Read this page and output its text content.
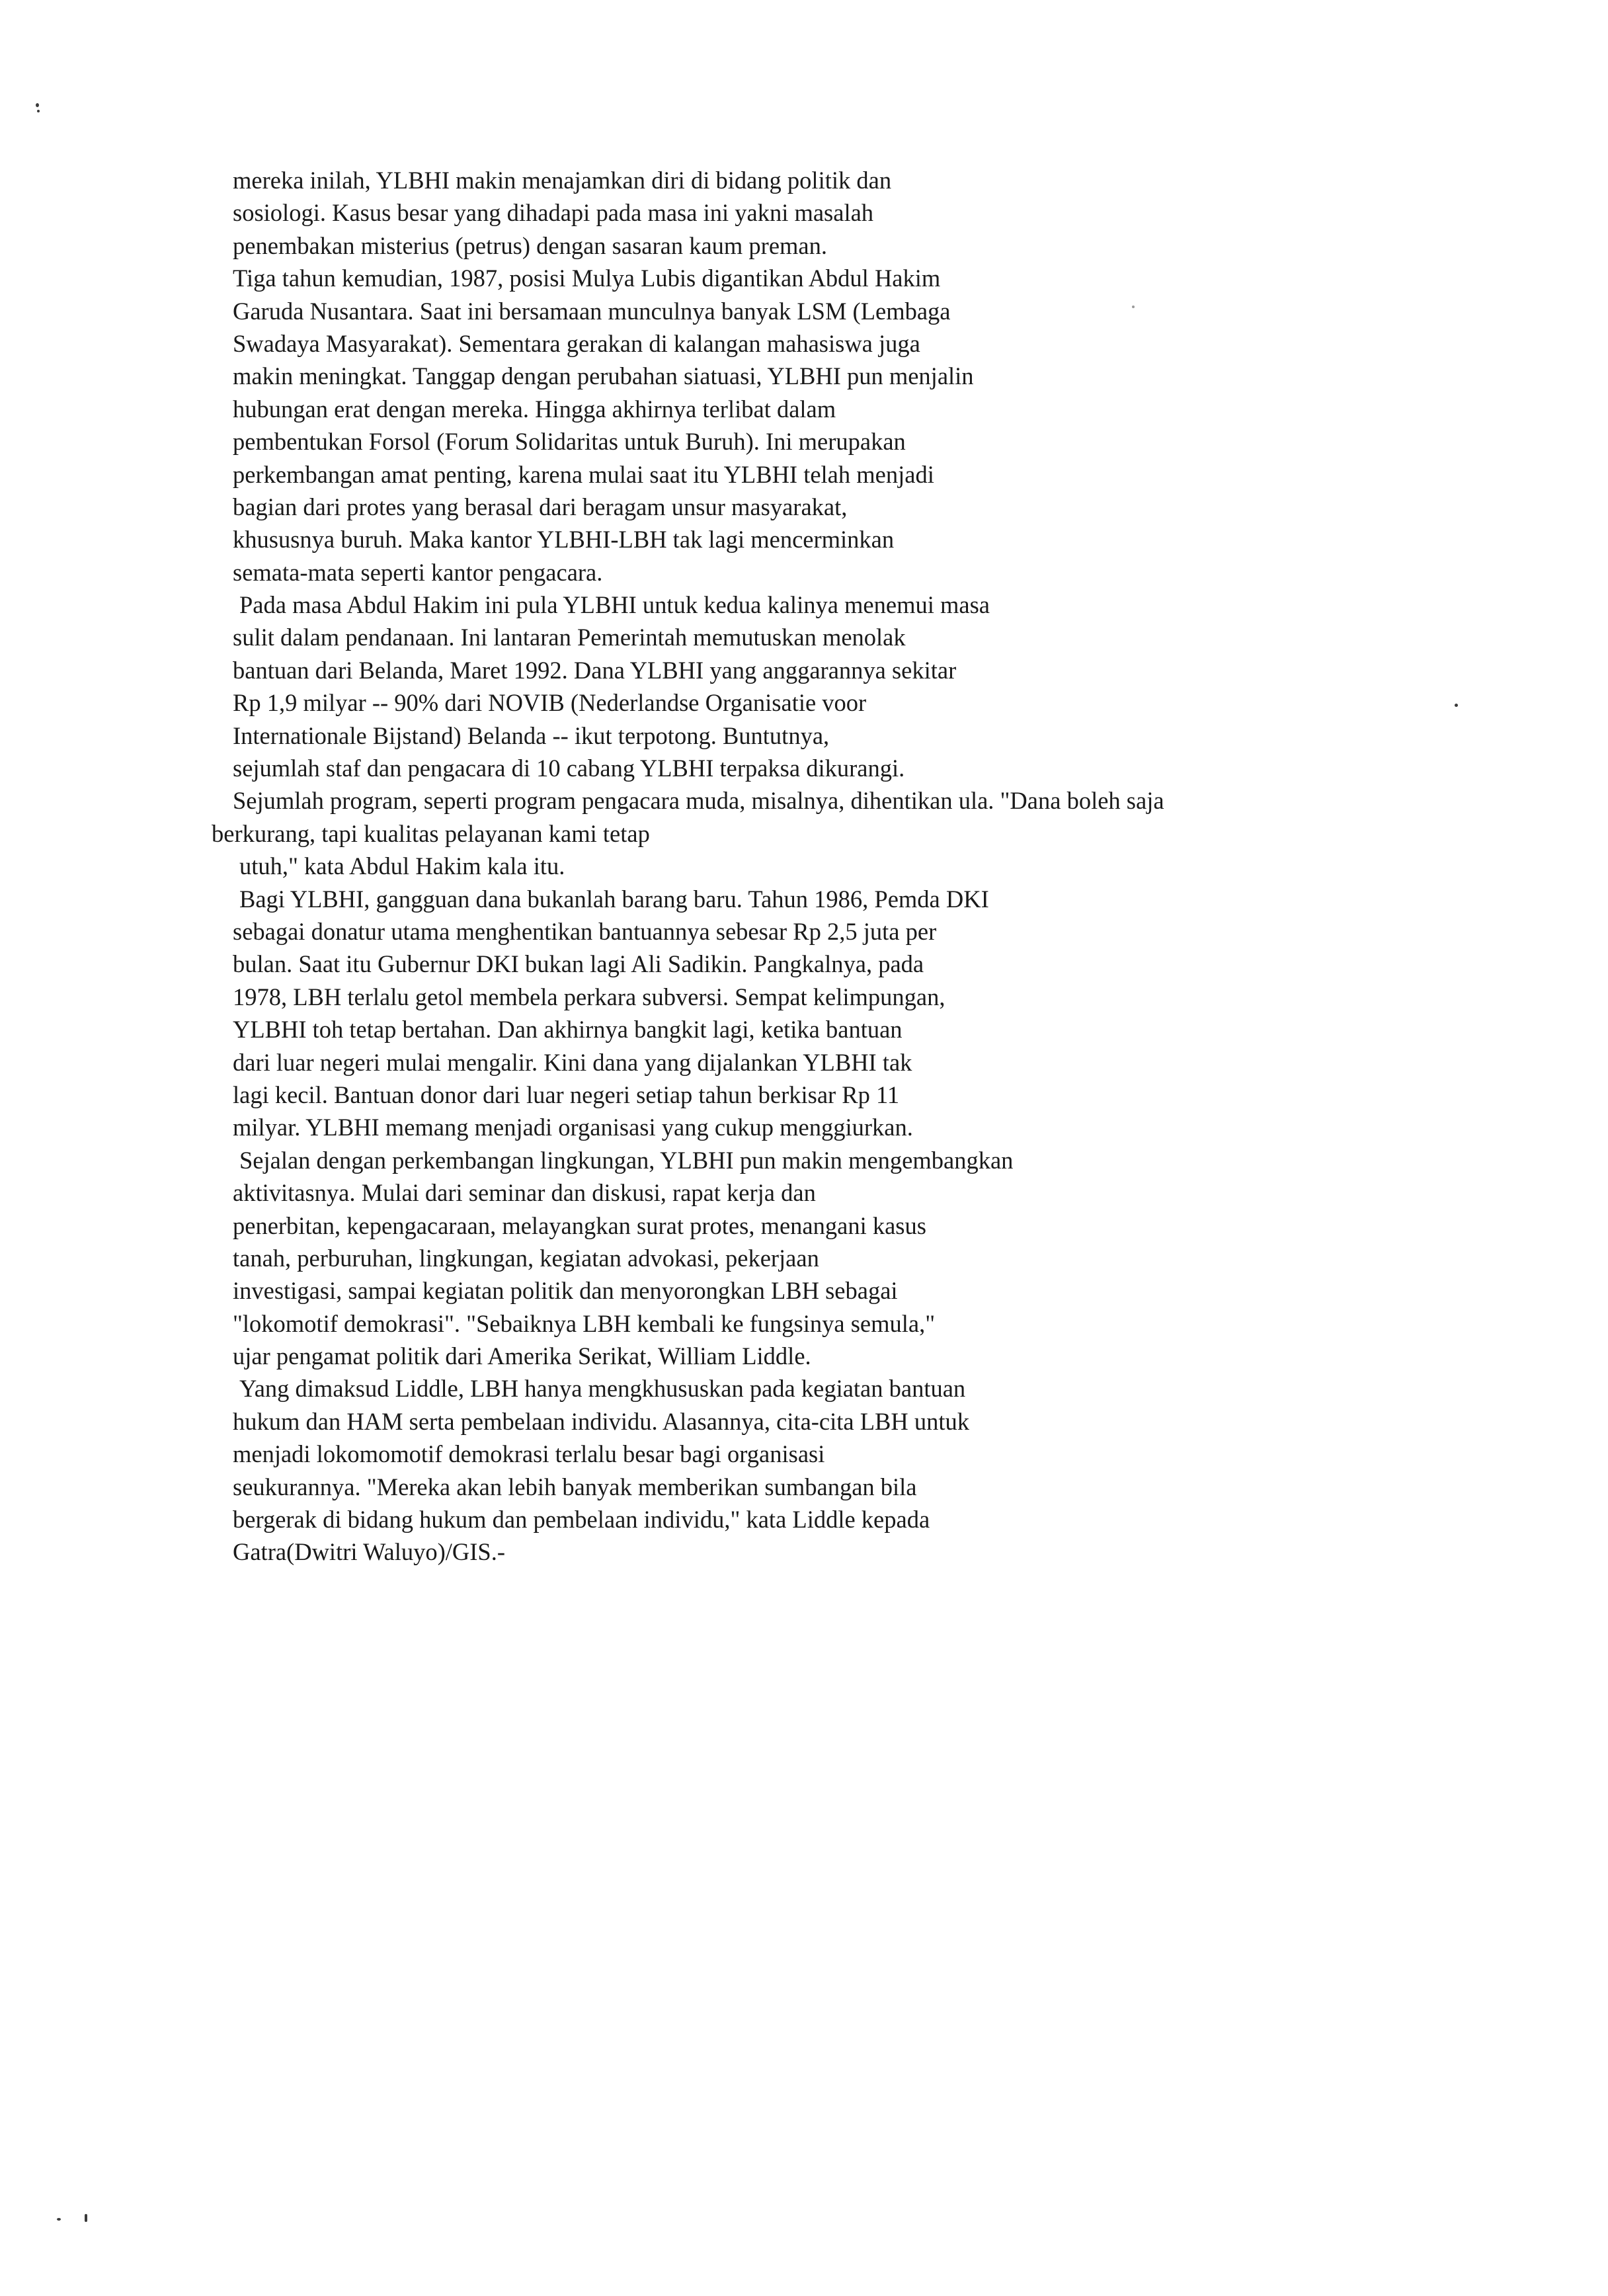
mereka inilah, YLBHI makin menajamkan diri di bidang politik dan
sosiologi. Kasus besar yang dihadapi pada masa ini yakni masalah
penembakan misterius (petrus) dengan sasaran kaum preman.
Tiga tahun kemudian, 1987, posisi Mulya Lubis digantikan Abdul Hakim
Garuda Nusantara. Saat ini bersamaan munculnya banyak LSM (Lembaga
Swadaya Masyarakat). Sementara gerakan di kalangan mahasiswa juga
makin meningkat. Tanggap dengan perubahan siatuasi, YLBHI pun menjalin
hubungan erat dengan mereka. Hingga akhirnya terlibat dalam
pembentukan Forsol (Forum Solidaritas untuk Buruh). Ini merupakan
perkembangan amat penting, karena mulai saat itu YLBHI telah menjadi
bagian dari protes yang berasal dari beragam unsur masyarakat,
khususnya buruh. Maka kantor YLBHI-LBH tak lagi mencerminkan
semata-mata seperti kantor pengacara.
Pada masa Abdul Hakim ini pula YLBHI untuk kedua kalinya menemui masa
sulit dalam pendanaan. Ini lantaran Pemerintah memutuskan menolak
bantuan dari Belanda, Maret 1992. Dana YLBHI yang anggarannya sekitar
Rp 1,9 milyar -- 90% dari NOVIB (Nederlandse Organisatie voor
Internationale Bijstand) Belanda -- ikut terpotong. Buntutnya,
sejumlah staf dan pengacara di 10 cabang YLBHI terpaksa dikurangi.
Sejumlah program, seperti program pengacara muda, misalnya, dihentikan ula. "Dana boleh saja
berkurang, tapi kualitas pelayanan kami tetap
utuh," kata Abdul Hakim kala itu.
Bagi YLBHI, gangguan dana bukanlah barang baru. Tahun 1986, Pemda DKI
sebagai donatur utama menghentikan bantuannya sebesar Rp 2,5 juta per
bulan. Saat itu Gubernur DKI bukan lagi Ali Sadikin. Pangkalnya, pada
1978, LBH terlalu getol membela perkara subversi. Sempat kelimpungan,
YLBHI toh tetap bertahan. Dan akhirnya bangkit lagi, ketika bantuan
dari luar negeri mulai mengalir. Kini dana yang dijalankan YLBHI tak
lagi kecil. Bantuan donor dari luar negeri setiap tahun berkisar Rp 11
milyar. YLBHI memang menjadi organisasi yang cukup menggiurkan.
Sejalan dengan perkembangan lingkungan, YLBHI pun makin mengembangkan
aktivitasnya. Mulai dari seminar dan diskusi, rapat kerja dan
penerbitan, kepengacaraan, melayangkan surat protes, menangani kasus
tanah, perburuhan, lingkungan, kegiatan advokasi, pekerjaan
investigasi, sampai kegiatan politik dan menyorongkan LBH sebagai
"lokomotif demokrasi". "Sebaiknya LBH kembali ke fungsinya semula,"
ujar pengamat politik dari Amerika Serikat, William Liddle.
Yang dimaksud Liddle, LBH hanya mengkhususkan pada kegiatan bantuan
hukum dan HAM serta pembelaan individu. Alasannya, cita-cita LBH untuk
menjadi lokomomotif demokrasi terlalu besar bagi organisasi
seukurannya. "Mereka akan lebih banyak memberikan sumbangan bila
bergerak di bidang hukum dan pembelaan individu," kata Liddle kepada
Gatra(Dwitri Waluyo)/GIS.-
